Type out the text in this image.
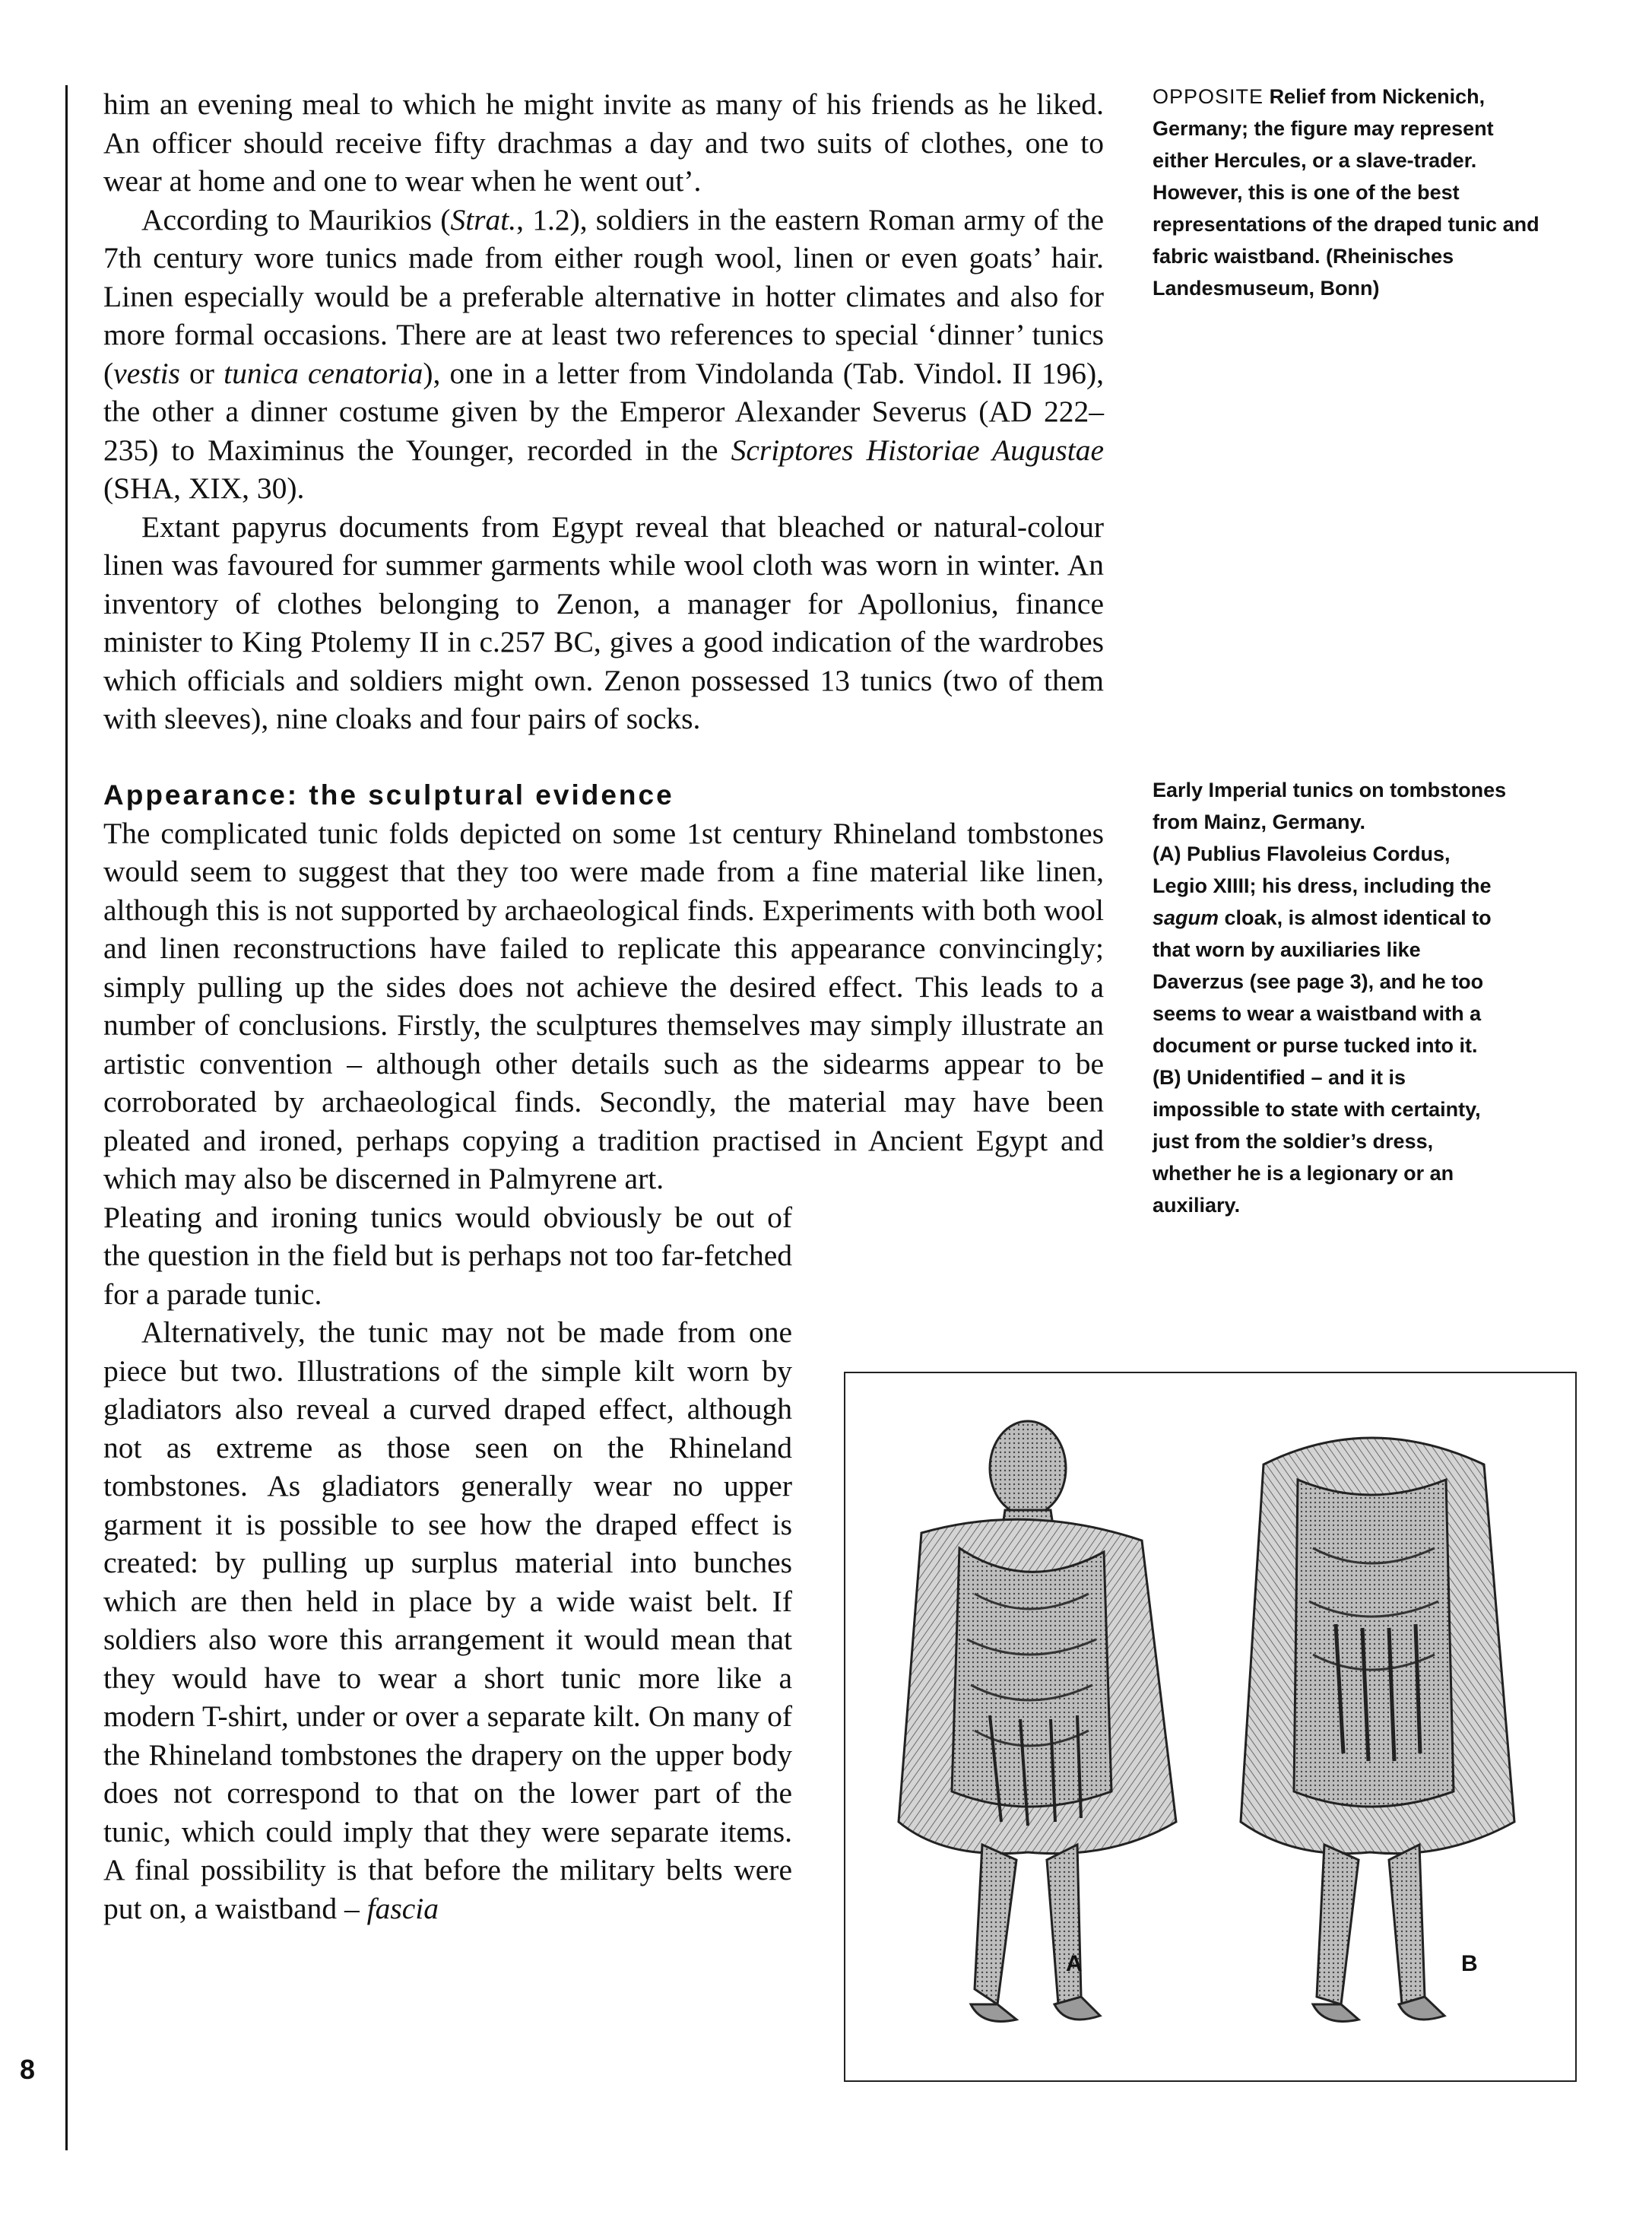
8

him an evening meal to which he might invite as many of his friends as he liked. An officer should receive fifty drachmas a day and two suits of clothes, one to wear at home and one to wear when he went out’.

According to Maurikios (Strat., 1.2), soldiers in the eastern Roman army of the 7th century wore tunics made from either rough wool, linen or even goats’ hair. Linen especially would be a preferable alternative in hotter climates and also for more formal occasions. There are at least two references to special ‘dinner’ tunics (vestis or tunica cenatoria), one in a letter from Vindolanda (Tab. Vindol. II 196), the other a dinner costume given by the Emperor Alexander Severus (AD 222–235) to Maximinus the Younger, recorded in the Scriptores Historiae Augustae (SHA, XIX, 30).

Extant papyrus documents from Egypt reveal that bleached or natural-colour linen was favoured for summer garments while wool cloth was worn in winter. An inventory of clothes belonging to Zenon, a manager for Apollonius, finance minister to King Ptolemy II in c.257 BC, gives a good indication of the wardrobes which officials and soldiers might own. Zenon possessed 13 tunics (two of them with sleeves), nine cloaks and four pairs of socks.

Appearance: the sculptural evidence

The complicated tunic folds depicted on some 1st century Rhineland tombstones would seem to suggest that they too were made from a fine material like linen, although this is not supported by archaeological finds. Experiments with both wool and linen reconstructions have failed to replicate this appearance convincingly; simply pulling up the sides does not achieve the desired effect. This leads to a number of conclusions. Firstly, the sculptures themselves may simply illustrate an artistic convention – although other details such as the sidearms appear to be corroborated by archaeological finds. Secondly, the material may have been pleated and ironed, perhaps copying a tradition practised in Ancient Egypt and which may also be discerned in Palmyrene art.

Pleating and ironing tunics would obviously be out of the question in the field but is perhaps not too far-fetched for a parade tunic.

Alternatively, the tunic may not be made from one piece but two. Illustrations of the simple kilt worn by gladiators also reveal a curved draped effect, although not as extreme as those seen on the Rhineland tombstones. As gladiators generally wear no upper garment it is possible to see how the draped effect is created: by pulling up surplus material into bunches which are then held in place by a wide waist belt. If soldiers also wore this arrangement it would mean that they would have to wear a short tunic more like a modern T-shirt, under or over a separate kilt. On many of the Rhineland tombstones the drapery on the upper body does not correspond to that on the lower part of the tunic, which could imply that they were separate items. A final possibility is that before the military belts were put on, a waistband – fascia

OPPOSITE Relief from Nickenich, Germany; the figure may represent either Hercules, or a slave-trader. However, this is one of the best representations of the draped tunic and fabric waistband. (Rheinisches Landesmuseum, Bonn)

Early Imperial tunics on tombstones from Mainz, Germany.

(A) Publius Flavoleius Cordus, Legio XIIII; his dress, including the sagum cloak, is almost identical to that worn by auxiliaries like Daverzus (see page 3), and he too seems to wear a waistband with a document or purse tucked into it.

(B) Unidentified – and it is impossible to state with certainty, just from the soldier’s dress, whether he is a legionary or an auxiliary.

A	B
